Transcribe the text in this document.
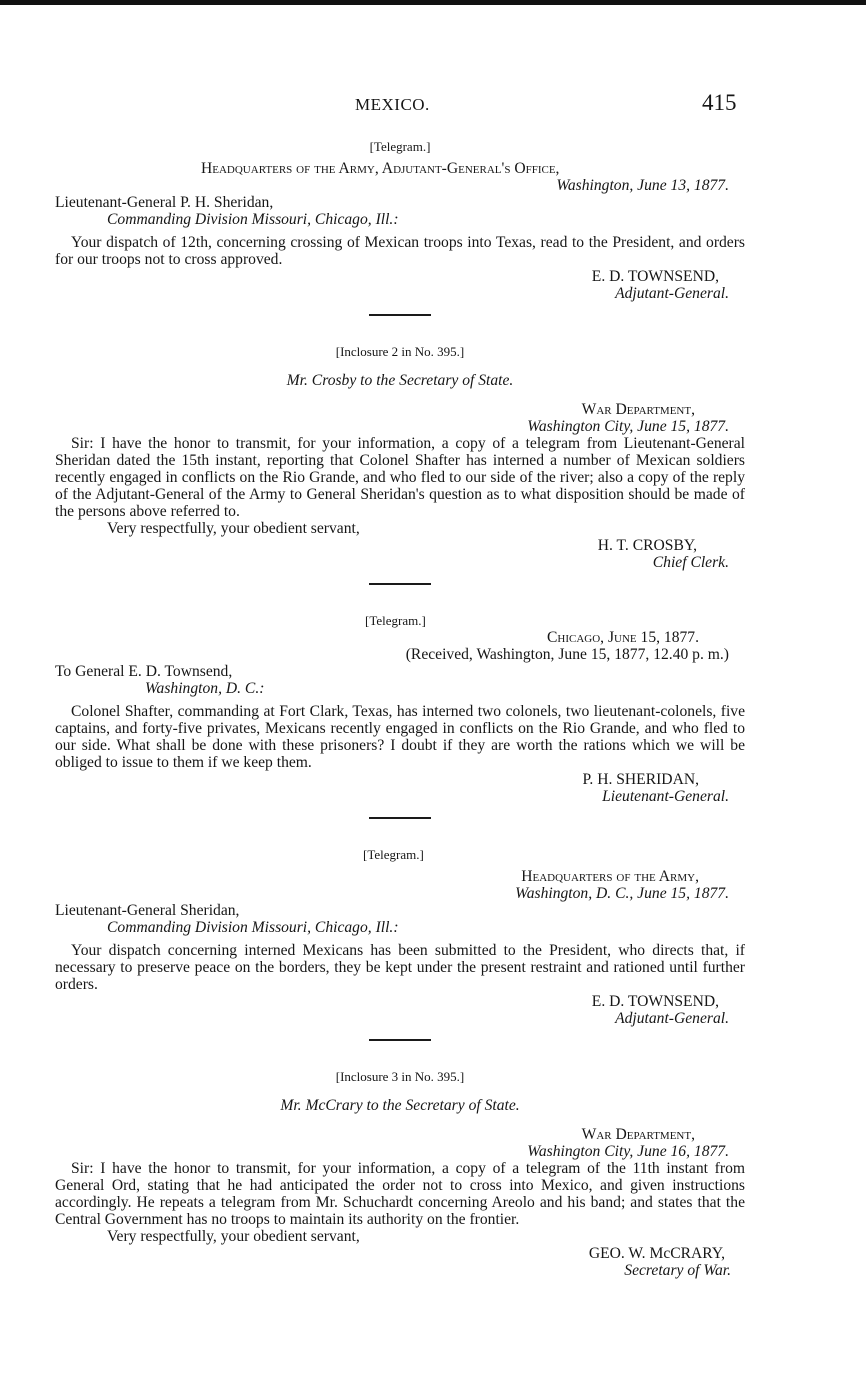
MEXICO.	415

[Telegram.]

Headquarters of the Army, Adjutant-General's Office,

Washington, June 13, 1877.

Lieutenant-General P. H. Sheridan,

Commanding Division Missouri, Chicago, Ill.:

Your dispatch of 12th, concerning crossing of Mexican troops into Texas, read to the President, and orders for our troops not to cross approved.

E. D. TOWNSEND,

Adjutant-General.

[Inclosure 2 in No. 395.]

Mr. Crosby to the Secretary of State.

War Department,

Washington City, June 15, 1877.

Sir: I have the honor to transmit, for your information, a copy of a telegram from Lieutenant-General Sheridan dated the 15th instant, reporting that Colonel Shafter has interned a number of Mexican soldiers recently engaged in conflicts on the Rio Grande, and who fled to our side of the river; also a copy of the reply of the Adjutant-General of the Army to General Sheridan's question as to what disposition should be made of the persons above referred to.

Very respectfully, your obedient servant,

H. T. CROSBY,

Chief Clerk.

[Telegram.]

Chicago, June 15, 1877.

(Received, Washington, June 15, 1877, 12.40 p. m.)

To General E. D. Townsend,

Washington, D. C.:

Colonel Shafter, commanding at Fort Clark, Texas, has interned two colonels, two lieutenant-colonels, five captains, and forty-five privates, Mexicans recently engaged in conflicts on the Rio Grande, and who fled to our side. What shall be done with these prisoners? I doubt if they are worth the rations which we will be obliged to issue to them if we keep them.

P. H. SHERIDAN,

Lieutenant-General.

[Telegram.]

Headquarters of the Army,

Washington, D. C., June 15, 1877.

Lieutenant-General Sheridan,

Commanding Division Missouri, Chicago, Ill.:

Your dispatch concerning interned Mexicans has been submitted to the President, who directs that, if necessary to preserve peace on the borders, they be kept under the present restraint and rationed until further orders.

E. D. TOWNSEND,

Adjutant-General.

[Inclosure 3 in No. 395.]

Mr. McCrary to the Secretary of State.

War Department,

Washington City, June 16, 1877.

Sir: I have the honor to transmit, for your information, a copy of a telegram of the 11th instant from General Ord, stating that he had anticipated the order not to cross into Mexico, and given instructions accordingly. He repeats a telegram from Mr. Schuchardt concerning Areolo and his band; and states that the Central Government has no troops to maintain its authority on the frontier.

Very respectfully, your obedient servant,

GEO. W. McCRARY,

Secretary of War.
